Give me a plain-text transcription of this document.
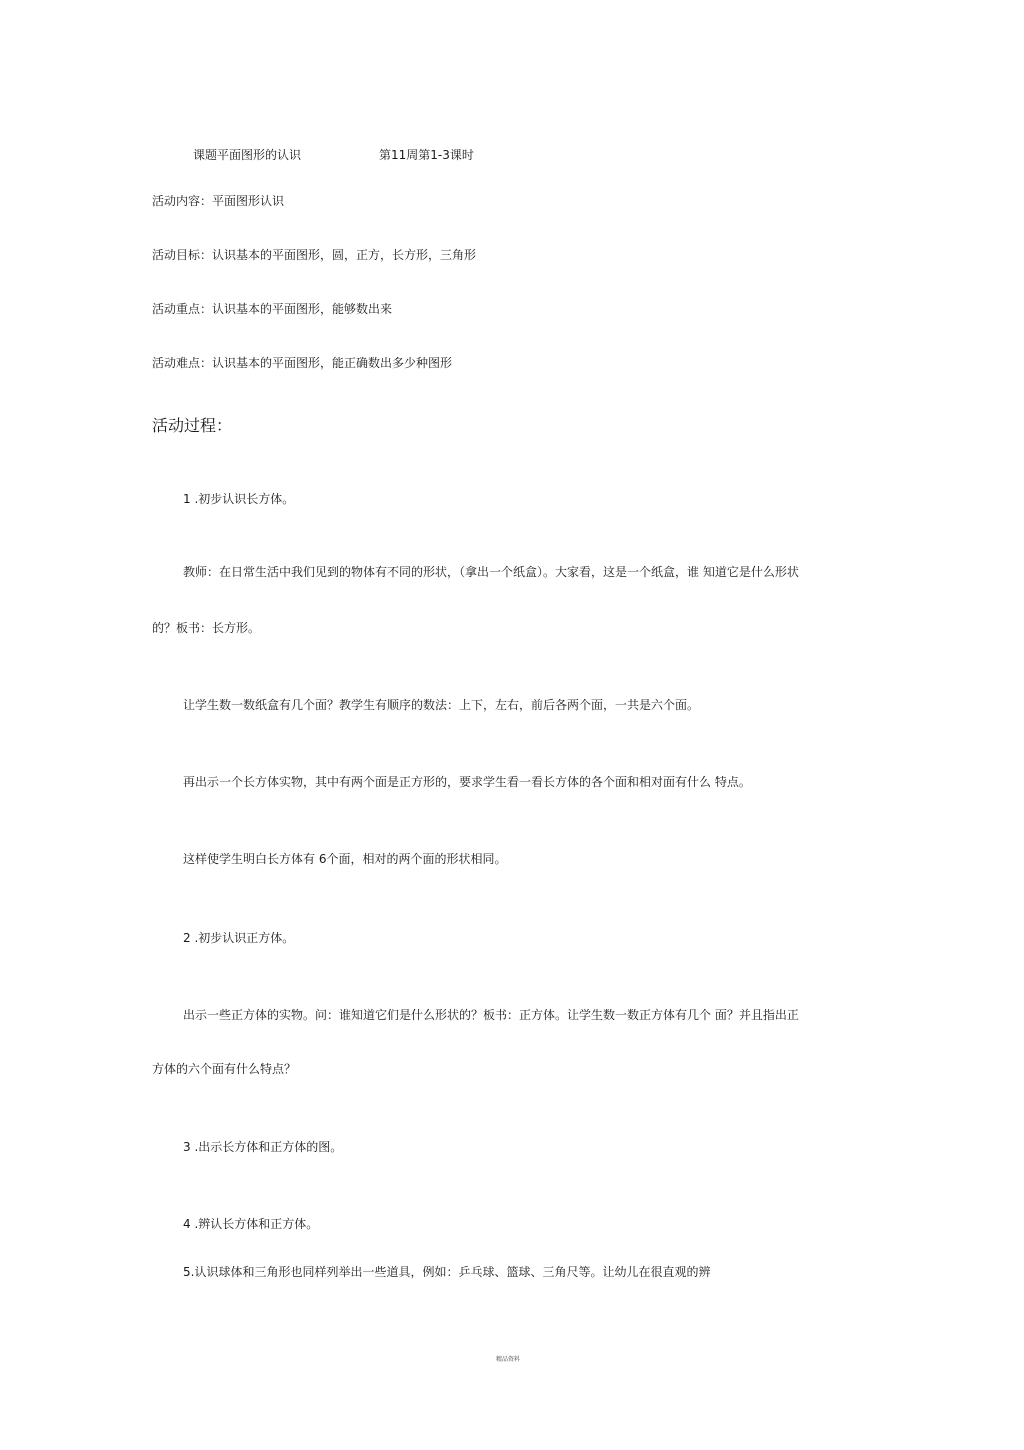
课题平面图形的认识	第11周第1-3课时
活动内容：平面图形认识
活动目标：认识基本的平面图形，圆，正方，长方形，三角形
活动重点：认识基本的平面图形，能够数出来
活动难点：认识基本的平面图形，能正确数出多少种图形
活动过程：
1 .初步认识长方体。
教师：在日常生活中我们见到的物体有不同的形状，（拿出一个纸盒）。大家看，这是一个纸盒，谁 知道它是什么形状
的？板书：长方形。
让学生数一数纸盒有几个面？教学生有顺序的数法：上下，左右，前后各两个面，一共是六个面。
再出示一个长方体实物，其中有两个面是正方形的，要求学生看一看长方体的各个面和相对面有什么 特点。
这样使学生明白长方体有 6个面，相对的两个面的形状相同。
2 .初步认识正方体。
出示一些正方体的实物。问：谁知道它们是什么形状的？板书：正方体。让学生数一数正方体有几个 面？并且指出正
方体的六个面有什么特点？
3 .出示长方体和正方体的图。
4 .辨认长方体和正方体。
5.认识球体和三角形也同样列举出一些道具，例如：乒乓球、篮球、三角尺等。让幼儿在很直观的辨
精品资料
